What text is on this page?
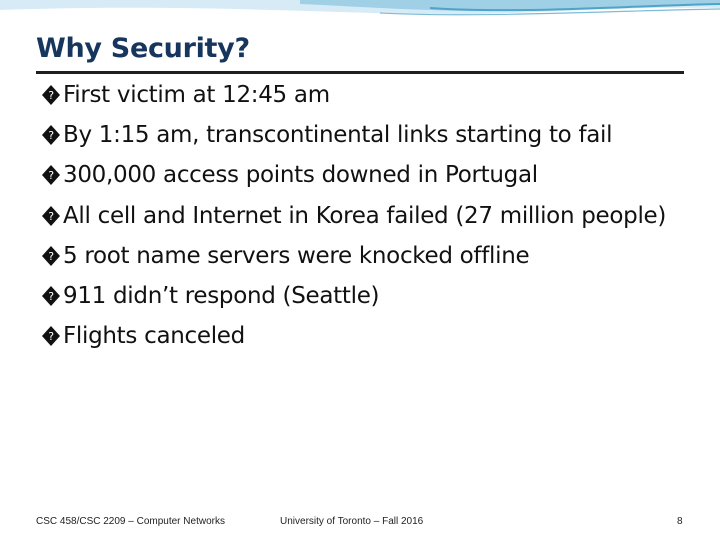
Why Security?
? First victim at 12:45 am
? By 1:15 am, transcontinental links starting to fail
? 300,000 access points downed in Portugal
? All cell and Internet in Korea failed (27 million people)
? 5 root name servers were knocked offline
? 911 didn’t respond (Seattle)
? Flights canceled
CSC 458/CSC 2209 – Computer Networks	University of Toronto – Fall 2016	8
